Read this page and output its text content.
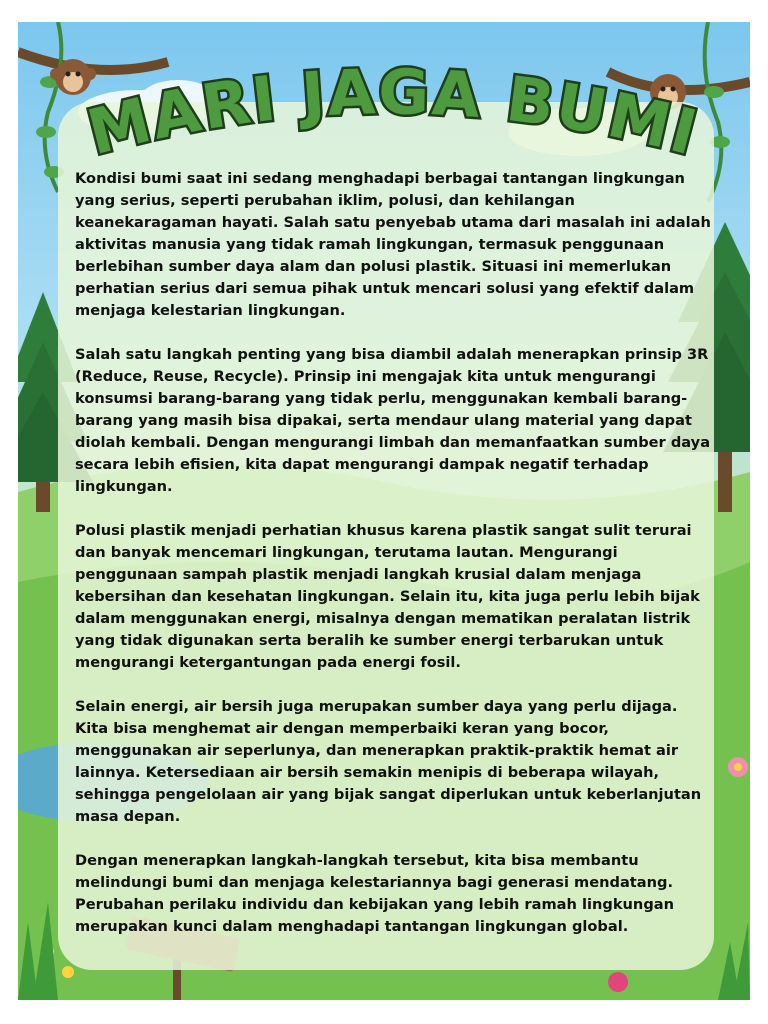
MARI JAGA BUMI

Kondisi bumi saat ini sedang menghadapi berbagai tantangan lingkungan yang serius, seperti perubahan iklim, polusi, dan kehilangan keanekaragaman hayati. Salah satu penyebab utama dari masalah ini adalah aktivitas manusia yang tidak ramah lingkungan, termasuk penggunaan berlebihan sumber daya alam dan polusi plastik. Situasi ini memerlukan perhatian serius dari semua pihak untuk mencari solusi yang efektif dalam menjaga kelestarian lingkungan.

Salah satu langkah penting yang bisa diambil adalah menerapkan prinsip 3R (Reduce, Reuse, Recycle). Prinsip ini mengajak kita untuk mengurangi konsumsi barang-barang yang tidak perlu, menggunakan kembali barang-barang yang masih bisa dipakai, serta mendaur ulang material yang dapat diolah kembali. Dengan mengurangi limbah dan memanfaatkan sumber daya secara lebih efisien, kita dapat mengurangi dampak negatif terhadap lingkungan.

Polusi plastik menjadi perhatian khusus karena plastik sangat sulit terurai dan banyak mencemari lingkungan, terutama lautan. Mengurangi penggunaan sampah plastik menjadi langkah krusial dalam menjaga kebersihan dan kesehatan lingkungan. Selain itu, kita juga perlu lebih bijak dalam menggunakan energi, misalnya dengan mematikan peralatan listrik yang tidak digunakan serta beralih ke sumber energi terbarukan untuk mengurangi ketergantungan pada energi fosil.

Selain energi, air bersih juga merupakan sumber daya yang perlu dijaga. Kita bisa menghemat air dengan memperbaiki keran yang bocor, menggunakan air seperlunya, dan menerapkan praktik-praktik hemat air lainnya. Ketersediaan air bersih semakin menipis di beberapa wilayah, sehingga pengelolaan air yang bijak sangat diperlukan untuk keberlanjutan masa depan.

Dengan menerapkan langkah-langkah tersebut, kita bisa membantu melindungi bumi dan menjaga kelestariannya bagi generasi mendatang. Perubahan perilaku individu dan kebijakan yang lebih ramah lingkungan merupakan kunci dalam menghadapi tantangan lingkungan global.
